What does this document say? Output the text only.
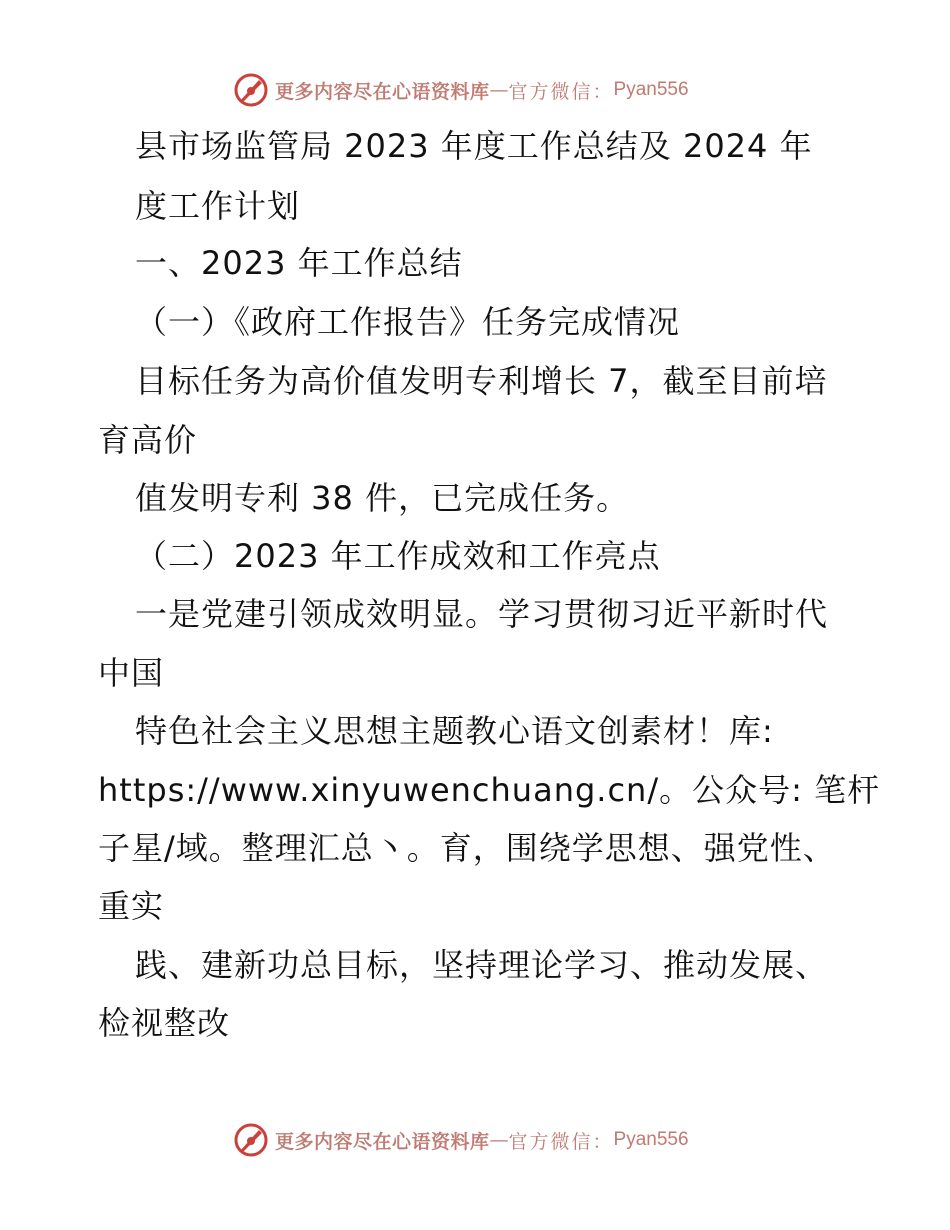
更多内容尽在心语资料库 — 官方微信： Pyan556
县市场监管局 2023 年度工作总结及 2024 年
度工作计划
一、2023 年工作总结
（一）《政府工作报告》任务完成情况
目标任务为高价值发明专利增长 7，截至目前培
育高价
值发明专利 38 件，已完成任务。
（二）2023 年工作成效和工作亮点
一是党建引领成效明显。学习贯彻习近平新时代
中国
特色社会主义思想主题教心语文创素材！库:
https://www.xinyuwenchuang.cn/。公众号: 笔杆
子星/域。整理汇总丶。育，围绕学思想、强党性、
重实
践、建新功总目标，坚持理论学习、推动发展、
检视整改
更多内容尽在心语资料库 — 官方微信： Pyan556
